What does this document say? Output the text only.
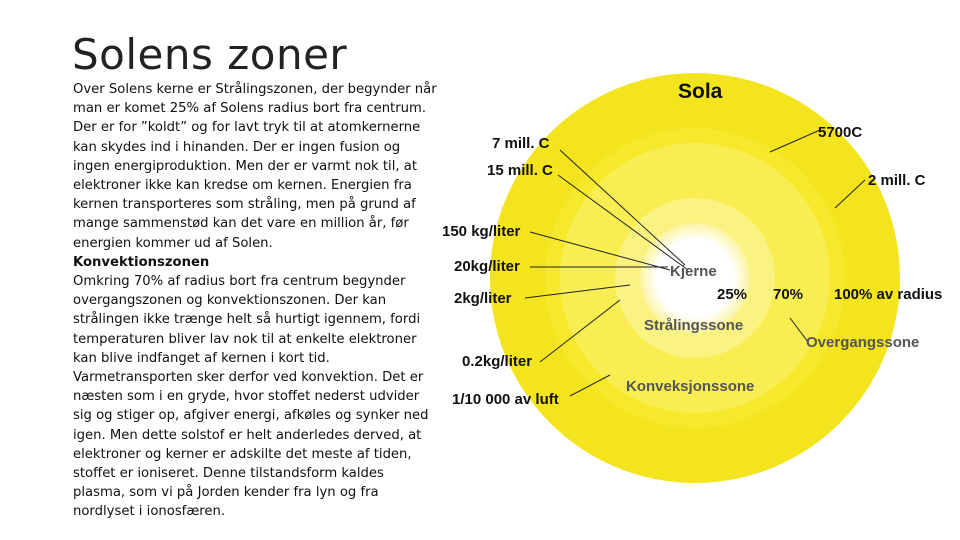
Solens zoner

Over Solens kerne er Strålingszonen, der begynder når man er komet 25% af Solens radius bort fra centrum. Der er for ”koldt” og for lavt tryk til at atomkernerne kan skydes ind i hinanden. Der er ingen fusion og ingen energiproduktion. Men der er varmt nok til, at elektroner ikke kan kredse om kernen. Energien fra kernen transporteres som stråling, men på grund af mange sammenstød kan det vare en million år, før energien kommer ud af Solen.

Konvektionszonen

Omkring 70% af radius bort fra centrum begynder overgangszonen og konvektionszonen. Der kan strålingen ikke trænge helt så hurtigt igennem, fordi temperaturen bliver lav nok til at enkelte elektroner kan blive indfanget af kernen i kort tid. Varmetransporten sker derfor ved konvektion. Det er næsten som i en gryde, hvor stoffet nederst udvider sig og stiger op, afgiver energi, afkøles og synker ned igen. Men dette solstof er helt anderledes derved, at elektroner og kerner er adskilte det meste af tiden, stoffet er ioniseret. Denne tilstandsform kaldes plasma, som vi på Jorden kender fra lyn og fra nordlyset i ionosfæren.

Sola
7 mill. C
15 mill. C
5700C
2 mill. C
150 kg/liter
20kg/liter
2kg/liter
0.2kg/liter
1/10 000 av luft
Kjerne
25% 70% 100% av radius
Strålingssone
Overgangssone
Konveksjonssone
